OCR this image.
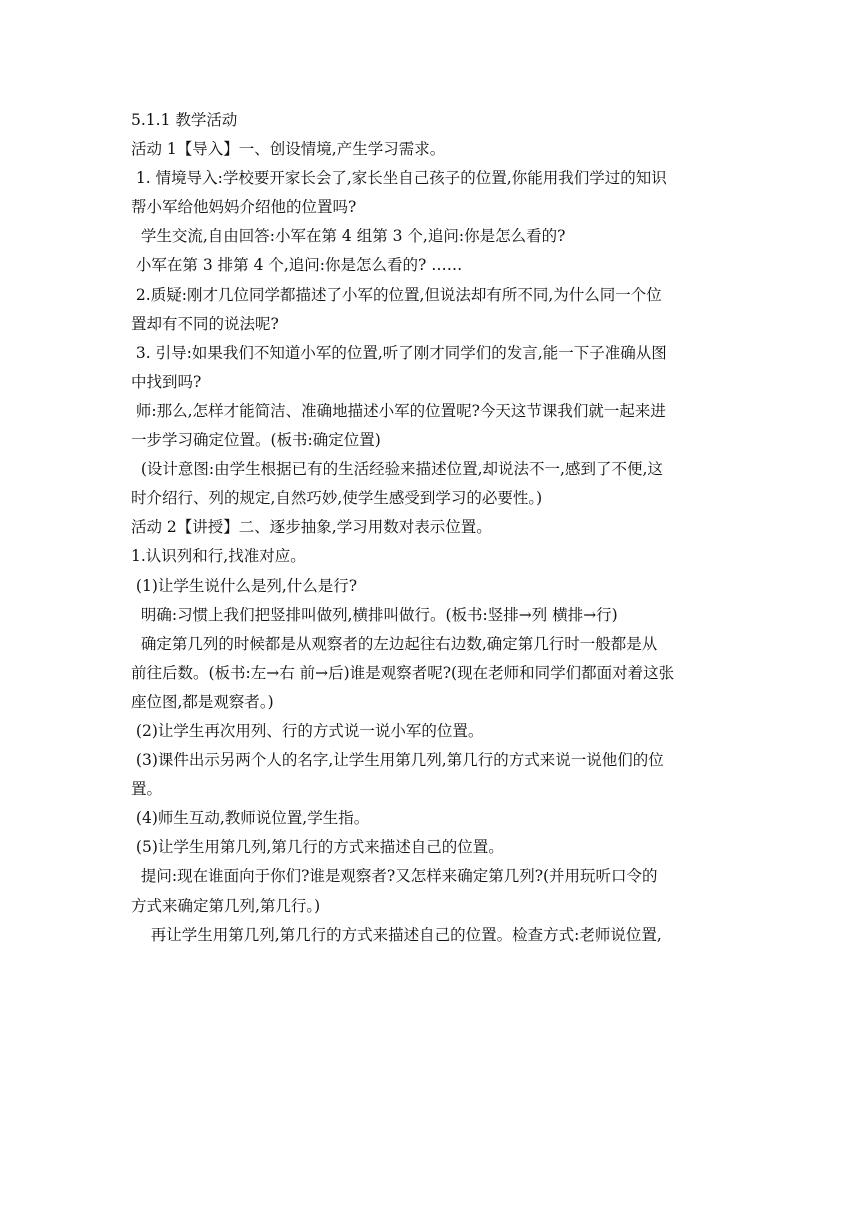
5.1.1 教学活动
活动 1【导入】一、创设情境,产生学习需求。
1. 情境导入:学校要开家长会了,家长坐自己孩子的位置,你能用我们学过的知识
帮小军给他妈妈介绍他的位置吗?
学生交流,自由回答:小军在第 4 组第 3 个,追问:你是怎么看的?
小军在第 3 排第 4 个,追问:你是怎么看的? ……
2.质疑:刚才几位同学都描述了小军的位置,但说法却有所不同,为什么同一个位
置却有不同的说法呢?
3. 引导:如果我们不知道小军的位置,听了刚才同学们的发言,能一下子准确从图
中找到吗?
师:那么,怎样才能简洁、准确地描述小军的位置呢?今天这节课我们就一起来进
一步学习确定位置。(板书:确定位置)
(设计意图:由学生根据已有的生活经验来描述位置,却说法不一,感到了不便,这
时介绍行、列的规定,自然巧妙,使学生感受到学习的必要性。)
活动 2【讲授】二、逐步抽象,学习用数对表示位置。
1.认识列和行,找准对应。
(1)让学生说什么是列,什么是行?
明确:习惯上我们把竖排叫做列,横排叫做行。(板书:竖排→列 横排→行)
确定第几列的时候都是从观察者的左边起往右边数,确定第几行时一般都是从
前往后数。(板书:左→右 前→后)谁是观察者呢?(现在老师和同学们都面对着这张
座位图,都是观察者。)
(2)让学生再次用列、行的方式说一说小军的位置。
(3)课件出示另两个人的名字,让学生用第几列,第几行的方式来说一说他们的位
置。
(4)师生互动,教师说位置,学生指。
(5)让学生用第几列,第几行的方式来描述自己的位置。
提问:现在谁面向于你们?谁是观察者?又怎样来确定第几列?(并用玩听口令的
方式来确定第几列,第几行。)
再让学生用第几列,第几行的方式来描述自己的位置。检查方式:老师说位置,
